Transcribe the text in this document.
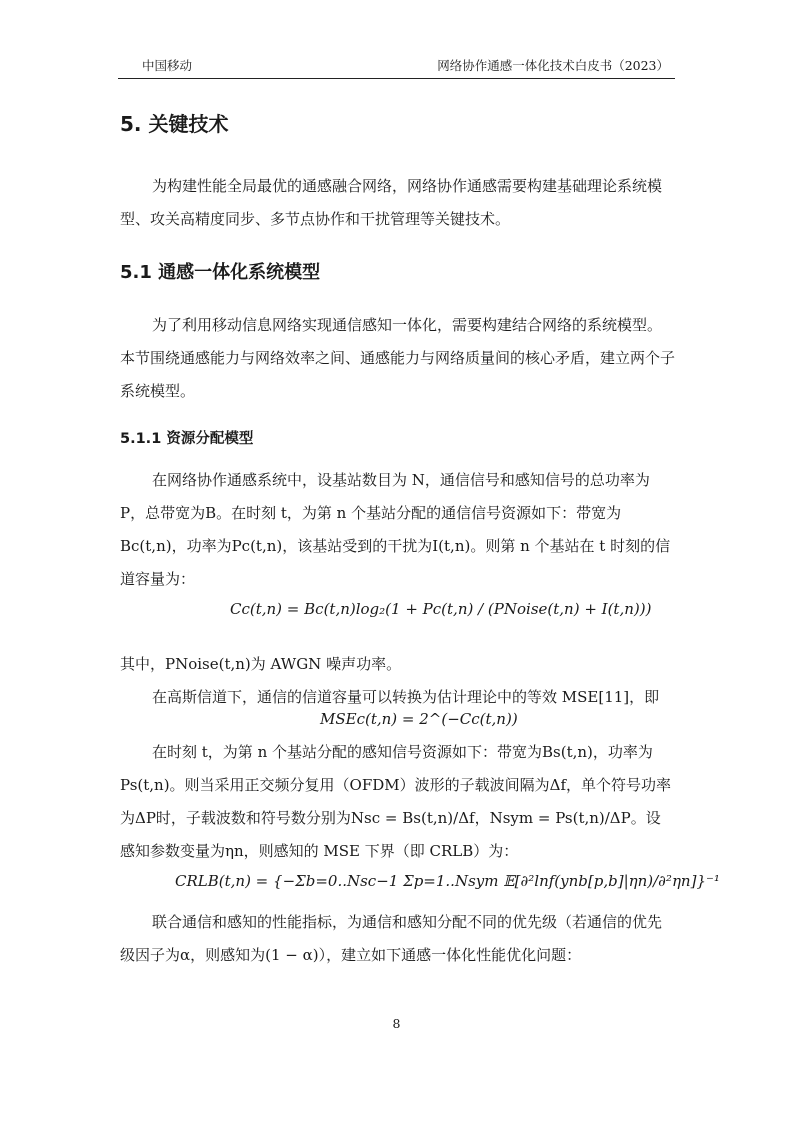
中国移动	网络协作通感一体化技术白皮书（2023）
5. 关键技术

为构建性能全局最优的通感融合网络，网络协作通感需要构建基础理论系统模型、攻关高精度同步、多节点协作和干扰管理等关键技术。

5.1 通感一体化系统模型

为了利用移动信息网络实现通信感知一体化，需要构建结合网络的系统模型。本节围绕通感能力与网络效率之间、通感能力与网络质量间的核心矛盾，建立两个子系统模型。

5.1.1 资源分配模型

在网络协作通感系统中，设基站数目为 N，通信信号和感知信号的总功率为 P，总带宽为B。在时刻 t，为第 n 个基站分配的通信信号资源如下：带宽为Bc(t,n)，功率为Pc(t,n)，该基站受到的干扰为I(t,n)。则第 n 个基站在 t 时刻的信道容量为：

Cc(t,n) = Bc(t,n)log₂(1 + Pc(t,n) / (PNoise(t,n) + I(t,n)))

其中，PNoise(t,n)为 AWGN 噪声功率。

在高斯信道下，通信的信道容量可以转换为估计理论中的等效 MSE[11]，即

MSEc(t,n) = 2^(−Cc(t,n))

在时刻 t，为第 n 个基站分配的感知信号资源如下：带宽为Bs(t,n)，功率为Ps(t,n)。则当采用正交频分复用（OFDM）波形的子载波间隔为Δf，单个符号功率为ΔP时，子载波数和符号数分别为Nsc = Bs(t,n)/Δf，Nsym = Ps(t,n)/ΔP。设感知参数变量为ηn，则感知的 MSE 下界（即 CRLB）为：

CRLB(t,n) = {−Σb=0..Nsc−1 Σp=1..Nsym 𝔼[∂²lnf(ynb[p,b]|ηn)/∂²ηn]}⁻¹

联合通信和感知的性能指标，为通信和感知分配不同的优先级（若通信的优先级因子为α，则感知为(1 − α)），建立如下通感一体化性能优化问题：

8
